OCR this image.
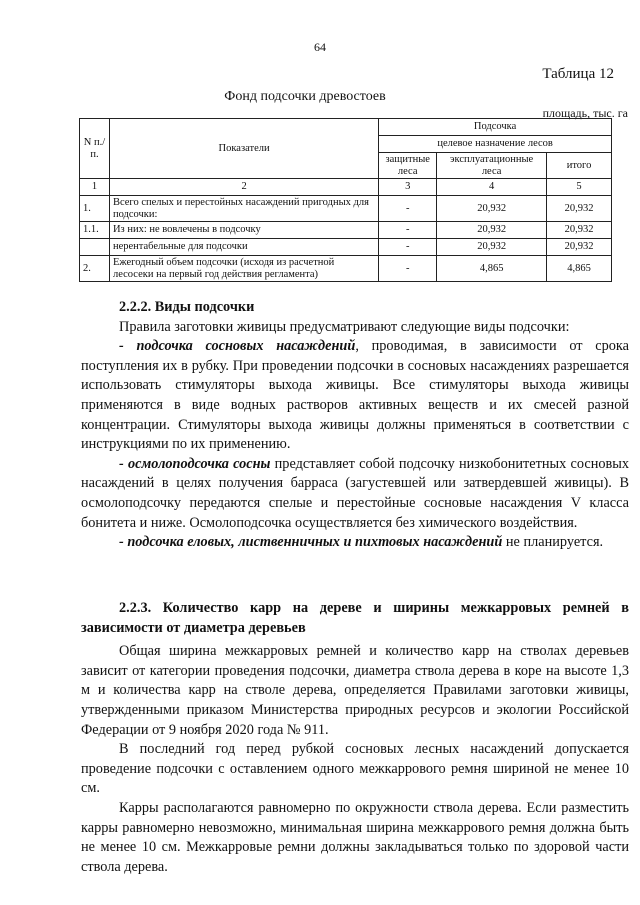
64
Таблица 12
Фонд подсочки древостоев
площадь, тыс. га
N п./п.	Показатели	Подсочка		
		целевое назначение лесов		
		защитные леса	эксплуатационные леса	итого
1	2	3	4	5
1.	Всего спелых и перестойных насаждений пригодных для подсочки:	-	20,932	20,932
1.1.	Из них: не вовлечены в подсочку	-	20,932	20,932
	нерентабельные для подсочки	-	20,932	20,932
2.	Ежегодный объем подсочки (исходя из расчетной лесосеки на первый год действия регламента)	-	4,865	4,865
2.2.2. Виды подсочки

Правила заготовки живицы предусматривают следующие виды подсочки:

- подсочка сосновых насаждений, проводимая, в зависимости от срока поступления их в рубку. При проведении подсочки в сосновых насаждениях разрешается использовать стимуляторы выхода живицы. Все стимуляторы выхода живицы применяются в виде водных растворов активных веществ и их смесей разной концентрации. Стимуляторы выхода живицы должны применяться в соответствии с инструкциями по их применению.

- осмолоподсочка сосны представляет собой подсочку низкобонитетных сосновых насаждений в целях получения барраса (загустевшей или затвердевшей живицы). В осмолоподсочку передаются спелые и перестойные сосновые насаждения V класса бонитета и ниже. Осмолоподсочка осуществляется без химического воздействия.

- подсочка еловых, лиственничных и пихтовых насаждений не планируется.

2.2.3. Количество карр на дереве и ширины межкарровых ремней в зависимости от диаметра деревьев

Общая ширина межкарровых ремней и количество карр на стволах деревьев зависит от категории проведения подсочки, диаметра ствола дерева в коре на высоте 1,3 м и количества карр на стволе дерева, определяется Правилами заготовки живицы, утвержденными приказом Министерства природных ресурсов и экологии Российской Федерации от 9 ноября 2020 года № 911.

В последний год перед рубкой сосновых лесных насаждений допускается проведение подсочки с оставлением одного межкаррового ремня шириной не менее 10 см.

Карры располагаются равномерно по окружности ствола дерева. Если разместить карры равномерно невозможно, минимальная ширина межкаррового ремня должна быть не менее 10 см. Межкарровые ремни должны закладываться только по здоровой части ствола дерева.
